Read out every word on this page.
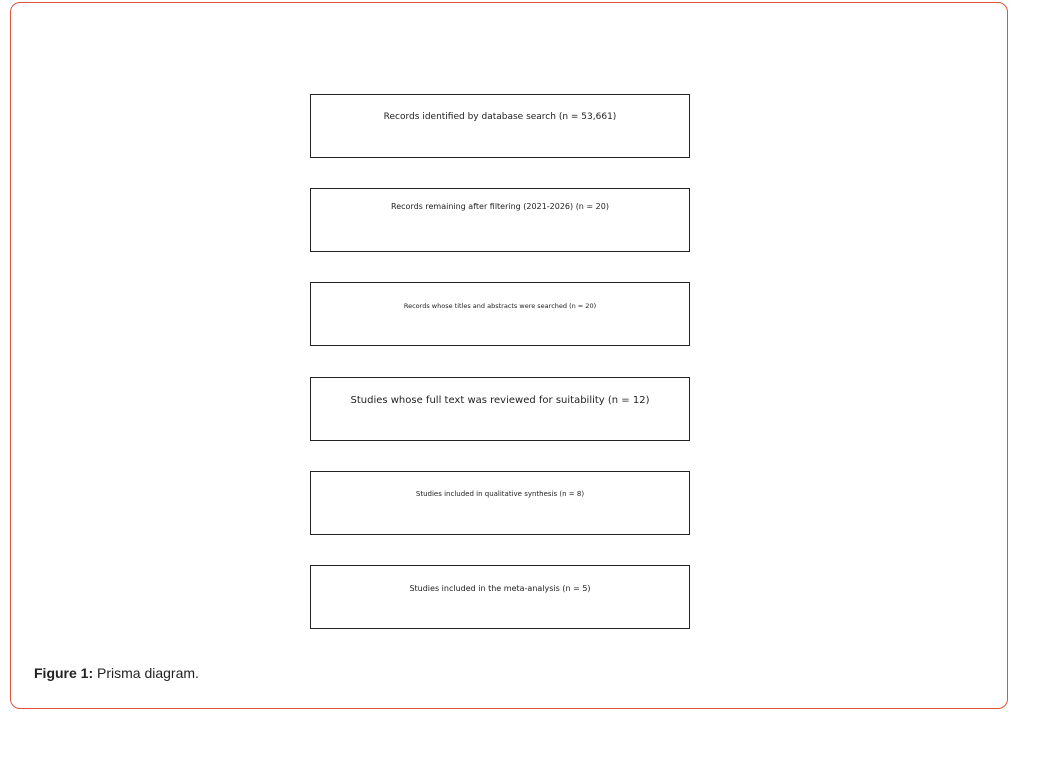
Records identified by database search (n = 53,661)
Records remaining after filtering (2021-2026) (n = 20)
Records whose titles and abstracts were searched (n = 20)
Studies whose full text was reviewed for suitability (n = 12)
Studies included in qualitative synthesis (n = 8)
Studies included in the meta-analysis (n = 5)
Figure 1: Prisma diagram.
